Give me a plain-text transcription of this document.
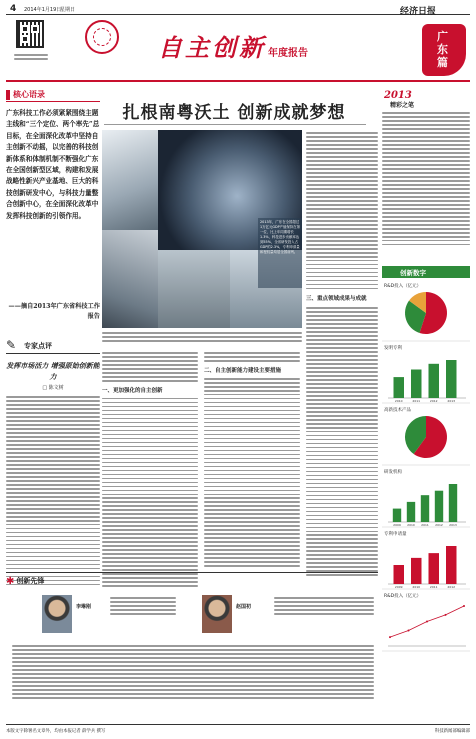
4 2014年1月19日
星期日
自主创新 年度报告
经济日报
广东篇
核心语录
广东科技工作必须紧紧围绕主题主线和“三个定位、两个率先”总目标，在全面深化改革中坚持自主创新不动摇，以完善的科技创新体系和体制机制不断强化广东在全国创新型区域，构建和发展战略性新兴产业基地、巨大的科技创新研发中心，与科技力量整合创新中心，在全面深化改革中发挥科技创新的引领作用。
——摘自2013年广东省科技工作报告
✎ 专家点评
发挥市场活力 增强原始创新能力
□ 陈文树
扎根南粤沃土 创新成就梦想
2013年，广东在全国超过1万亿元GDP产值保持在第一位，比上年同期增长1.3%，科技进步贡献率达到55%，全省研发投入占GDP的2.3%，专利申请量和授权量均居全国前列。
一、更加强化的自主创新
二、自主创新能力建设主要措施
三、重点领域成果与成就
2013
精彩之笔
创新数字
R&D投入（亿元）
发明专利
2010	2011	2012	2013
高新技术产品
研发机构
2009 2010 2011 2012 2013
专利申请量
2009	2010	2011	2012
R&D投入（亿元）
✱ 创新先锋
李琳刚	赵国初
本版文字除署名文章外，均由本报记者 薛学兵 撰写	科技新闻部编辑部
